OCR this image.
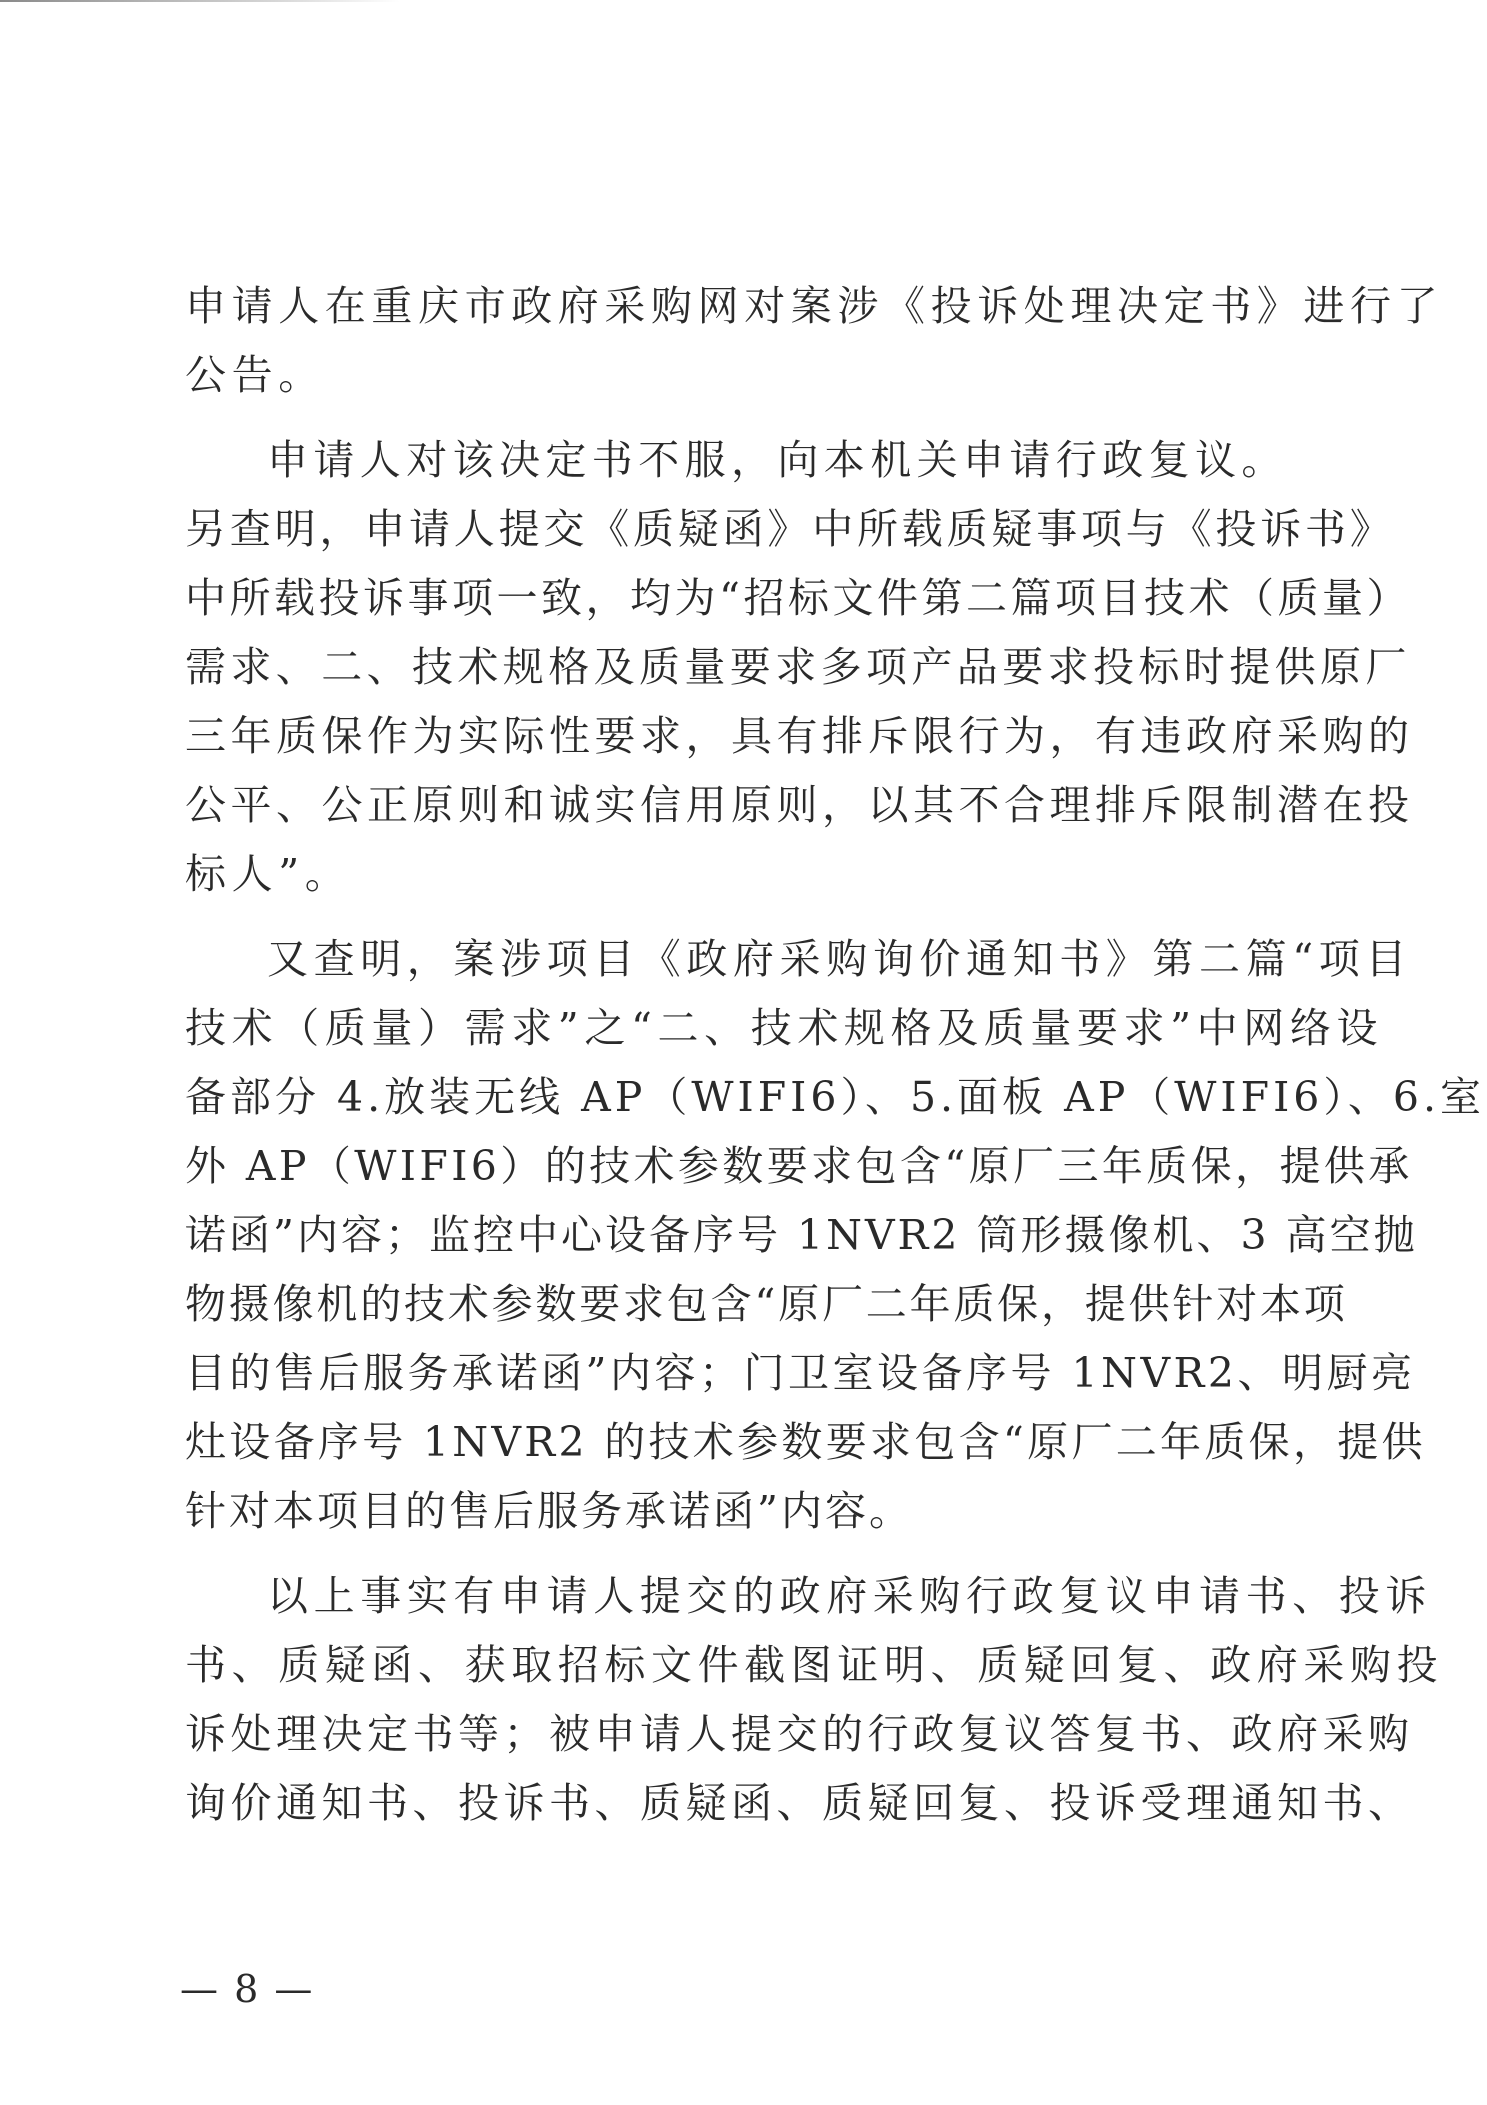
申请人在重庆市政府采购网对案涉《投诉处理决定书》进行了
公告。
申请人对该决定书不服，向本机关申请行政复议。
另查明，申请人提交《质疑函》中所载质疑事项与《投诉书》
中所载投诉事项一致，均为“招标文件第二篇项目技术（质量）
需求、二、技术规格及质量要求多项产品要求投标时提供原厂
三年质保作为实际性要求，具有排斥限行为，有违政府采购的
公平、公正原则和诚实信用原则，以其不合理排斥限制潜在投
标人”。
又查明，案涉项目《政府采购询价通知书》第二篇“项目
技术（质量）需求”之“二、技术规格及质量要求”中网络设
备部分 4.放装无线 AP（WIFI6）、5.面板 AP（WIFI6）、6.室
外 AP（WIFI6）的技术参数要求包含“原厂三年质保，提供承
诺函”内容；监控中心设备序号 1NVR2 筒形摄像机、3 高空抛
物摄像机的技术参数要求包含“原厂二年质保，提供针对本项
目的售后服务承诺函”内容；门卫室设备序号 1NVR2、明厨亮
灶设备序号 1NVR2 的技术参数要求包含“原厂二年质保，提供
针对本项目的售后服务承诺函”内容。
以上事实有申请人提交的政府采购行政复议申请书、投诉
书、质疑函、获取招标文件截图证明、质疑回复、政府采购投
诉处理决定书等；被申请人提交的行政复议答复书、政府采购
询价通知书、投诉书、质疑函、质疑回复、投诉受理通知书、
— 8 —
